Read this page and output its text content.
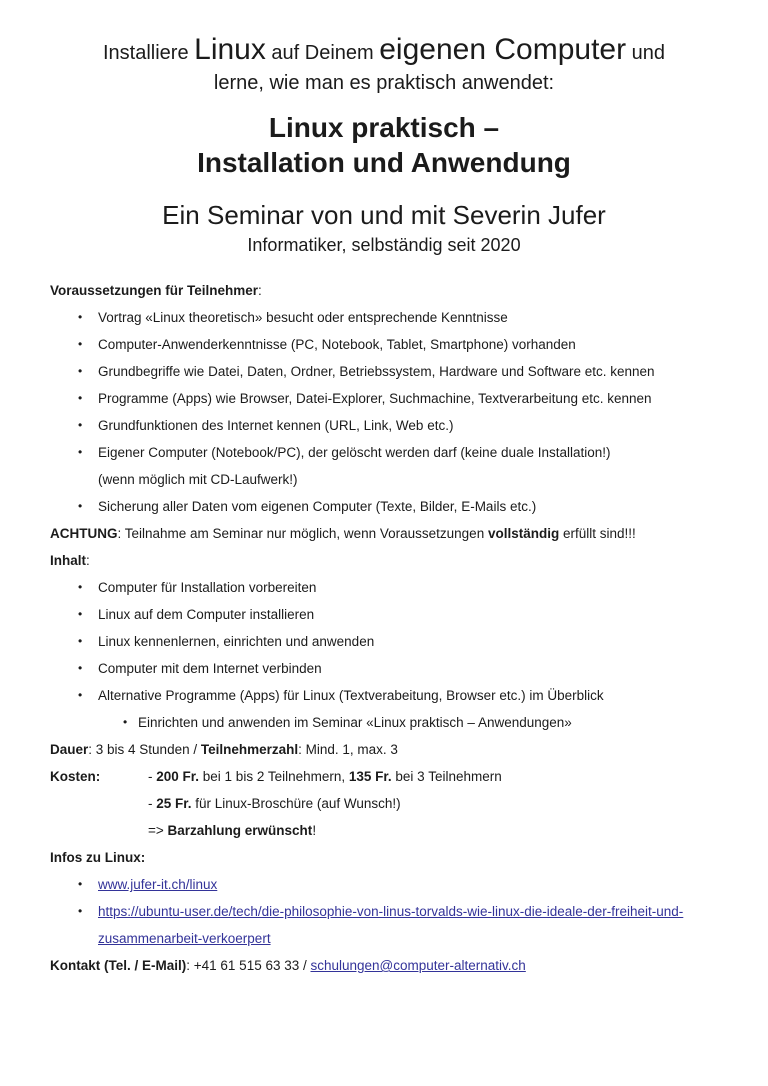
Installiere Linux auf Deinem eigenen Computer und
lerne, wie man es praktisch anwendet:

Linux praktisch –
Installation und Anwendung
Ein Seminar von und mit Severin Jufer
Informatiker, selbständig seit 2020

Voraussetzungen für Teilnehmer:

•	Vortrag «Linux theoretisch» besucht oder entsprechende Kenntnisse
•	Computer-Anwenderkenntnisse (PC, Notebook, Tablet, Smartphone) vorhanden
•	Grundbegriffe wie Datei, Daten, Ordner, Betriebssystem, Hardware und Software etc. kennen
•	Programme (Apps) wie Browser, Datei-Explorer, Suchmachine, Textverarbeitung etc. kennen
•	Grundfunktionen des Internet kennen (URL, Link, Web etc.)
•	Eigener Computer (Notebook/PC), der gelöscht werden darf (keine duale Installation!)
(wenn möglich mit CD-Laufwerk!)
•	Sicherung aller Daten vom eigenen Computer (Texte, Bilder, E-Mails etc.)

ACHTUNG: Teilnahme am Seminar nur möglich, wenn Voraussetzungen vollständig erfüllt sind!!!

Inhalt:

•	Computer für Installation vorbereiten
•	Linux auf dem Computer installieren
•	Linux kennenlernen, einrichten und anwenden
•	Computer mit dem Internet verbinden
•	Alternative Programme (Apps) für Linux (Textverabeitung, Browser etc.) im Überblick
• Einrichten und anwenden im Seminar «Linux praktisch – Anwendungen»

Dauer: 3 bis 4 Stunden / Teilnehmerzahl: Mind. 1, max. 3

Kosten:	- 200 Fr. bei 1 bis 2 Teilnehmern, 135 Fr. bei 3 Teilnehmern
- 25 Fr. für Linux-Broschüre (auf Wunsch!)
=> Barzahlung erwünscht!

Infos zu Linux:

•	www.jufer-it.ch/linux
•	https://ubuntu-user.de/tech/die-philosophie-von-linus-torvalds-wie-linux-die-ideale-der-freiheit-und-zusammenarbeit-verkoerpert

Kontakt (Tel. / E-Mail): +41 61 515 63 33 / schulungen@computer-alternativ.ch
